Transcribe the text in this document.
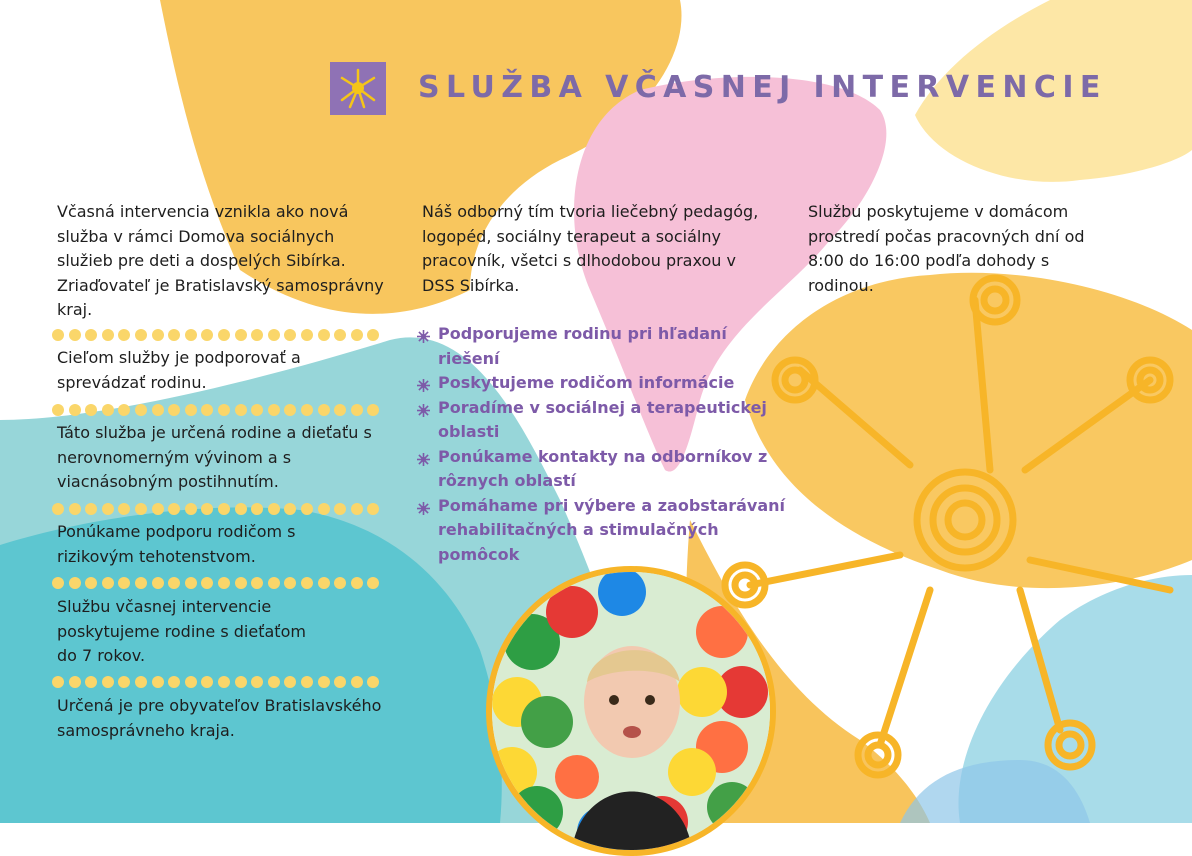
SLUŽBA VČASNEJ INTERVENCIE

Včasná intervencia vznikla ako nová služba v rámci Domova sociálnych služieb pre deti a dospelých Sibírka. Zriaďovateľ je Bratislavský samosprávny kraj.

Cieľom služby je podporovať a sprevádzať rodinu.

Táto služba je určená rodine a dieťaťu s nerovnomerným vývinom a s viacnásobným postihnutím.

Ponúkame podporu rodičom s rizikovým tehotenstvom.

Službu včasnej intervencie poskytujeme rodine s dieťaťom do 7 rokov.

Určená je pre obyvateľov Bratislavského samosprávneho kraja.

Náš odborný tím tvoria liečebný pedagóg, logopéd, sociálny terapeut a sociálny pracovník, všetci s dlhodobou praxou v DSS Sibírka.
Podporujeme rodinu pri hľadaní riešení
Poskytujeme rodičom informácie
Poradíme v sociálnej a terapeutickej oblasti
Ponúkame kontakty na odborníkov z rôznych oblastí
Pomáhame pri výbere a zaobstarávaní rehabilitačných a stimulačných pomôcok
Službu poskytujeme v domácom prostredí počas pracovných dní od 8:00 do 16:00 podľa dohody s rodinou.
